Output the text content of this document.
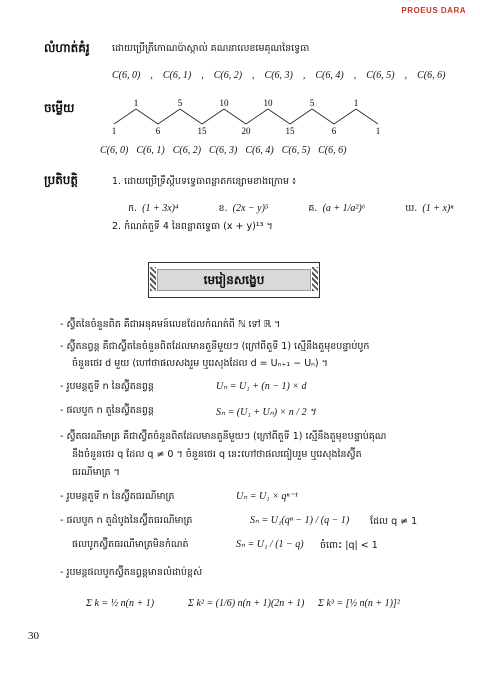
PROEUS DARA
លំហាត់គំរូ ដោយប្រើត្រីកោណប៉ាស្កាល់ គណនាលេខមេគុណនៃទ្វេធា
C(6, 0) , C(6, 1) , C(6, 2) , C(6, 3) , C(6, 4) , C(6, 5) , C(6, 6)
ចម្លើយ	1	5	10	10	5	1
1	6	15	20	15	6	1
C(6, 0) C(6, 1) C(6, 2) C(6, 3) C(6, 4) C(6, 5) C(6, 6)
ប្រតិបត្តិ	1. ដោយប្រើទ្រឹស្តីបទទ្វេធាពន្លាតកន្សោមខាងក្រោម ៖
ក. (1 + 3x)⁴	ខ. (2x − y)⁵	គ. (a + 1/a²)⁶	ឃ. (1 + x)ⁿ
2. កំណត់តួទី 4 នៃពន្លាតទ្វេធា (x + y)¹³ ។
មេរៀនសង្ខេប
- ស្វ៊ីតនៃចំនួនពិត គឺជាអនុគមន៍លេខដែលកំណត់ពី ℕ ទៅ ℝ ។
- ស្វ៊ីតនព្វន្ត គឺជាស្វ៊ីតនៃចំនួនពិតដែលមានតួនីមួយៗ (ក្រៅពីតួទី 1) ស្មើនឹងតួមុខបន្ទាប់បូក
ចំនួនថេរ d មួយ (ហៅថាផលសងរួម ឬរេសុងដែល d = Uₙ₊₁ − Uₙ) ។
- រូបមន្តតួទី n នៃស្វ៊ីតនព្វន្ត	Uₙ = U₁ + (n − 1) × d
- ផលបូក n តួនៃស្វ៊ីតនព្វន្ត	Sₙ = (U₁ + Uₙ) × n / 2 ។
- ស្វ៊ីតធរណីមាត្រ គឺជាស្វ៊ីតចំនួនពិតដែលមានតួនីមួយៗ (ក្រៅពីតួទី 1) ស្មើនឹងតួមុខបន្ទាប់គុណ
នឹងចំនួនថេរ q ដែល q ≠ 0 ។ ចំនួនថេរ q នេះហៅថាផលធៀបរួម ឬរេសុងនៃស្វ៊ីត
ធរណីមាត្រ ។
- រូបមន្តតួទី n នៃស្វ៊ីតធរណីមាត្រ	Uₙ = U₁ × qⁿ⁻¹
- ផលបូក n តួដំបូងនៃស្វ៊ីតធរណីមាត្រ	Sₙ = U₁(qⁿ − 1) / (q − 1) ដែល q ≠ 1
ផលបូកស្វ៊ីតធរណីមាត្រមិនកំណត់	Sₙ = U₁ / (1 − q) ចំពោះ |q| < 1
- រូបមន្តផលបូកស្វ៊ីតនព្វន្តមានលំដាប់ខ្ពស់
Σ k = ½ n(n + 1)	Σ k² = (1/6) n(n + 1)(2n + 1) Σ k³ = [½ n(n + 1)]²
30
